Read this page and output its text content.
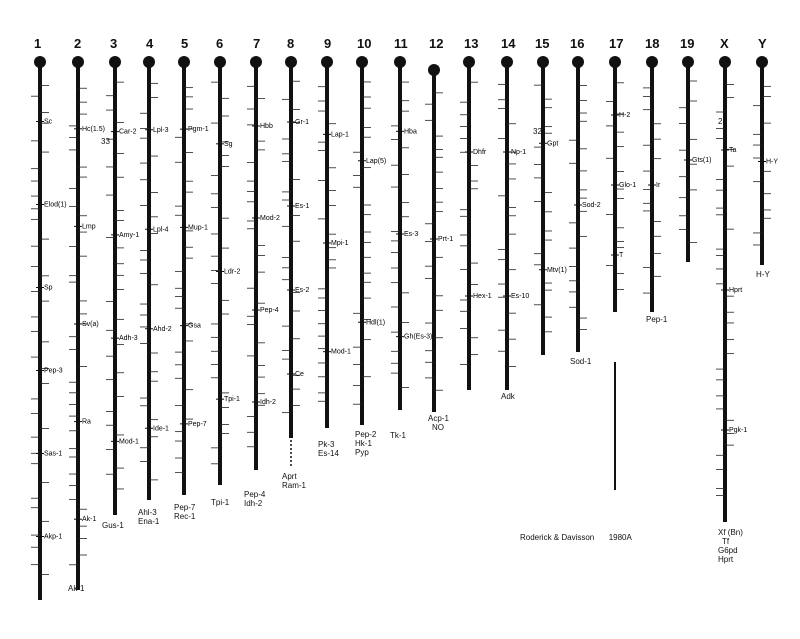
Sc
Elod(1)
Sp
Pep-3
Sas-1
Akp-1
Hc(1.5)
Lmp
Sv(a)
Ra
Ak-1
Car-2
Amy-1
Adh-3
Mod-1
Lpl-3
Lpl-4
Ahd-2
Ide-1
Pgm-1
Mup-1
Gsa
Pep-7
Sg
Ldr-2
Tpi-1
Hbb
Mod-2
Pep-4
Idh-2
Gr-1
Es-1
Es-2
Ce
Lap-1
Mpi-1
Mod-1
Lap(5)
Hdl(1)
Hba
Es-3
Gh(Es-3)
Prt-1
Dhfr
Hex-1
Np-1
Es-10
Gpt
Mtv(1)
Sod-2
H-2
Glo-1
T
Ir
Gts(1)
Ta
Hprt
Pgk-1
H-Y
1	2 3 4 5 6 7 8 9 10 11 12 13 14 15 16 17 18 19 X Y
33
32
23
Ak-1
Gus-1
Ahl-3
Ena-1
Pep-7
Rec-1
Tpi-1
Pep-4
Idh-2
Aprt
Ram-1
Pk-3
Es-14
Pep-2
Hk-1
Pyp
Tk-1
Acp-1
NO
Adk
Sod-1
Pep-1
H-Y
Xf (Bn)
Tf
G6pd
Hprt
Roderick & Davisson 1980A
